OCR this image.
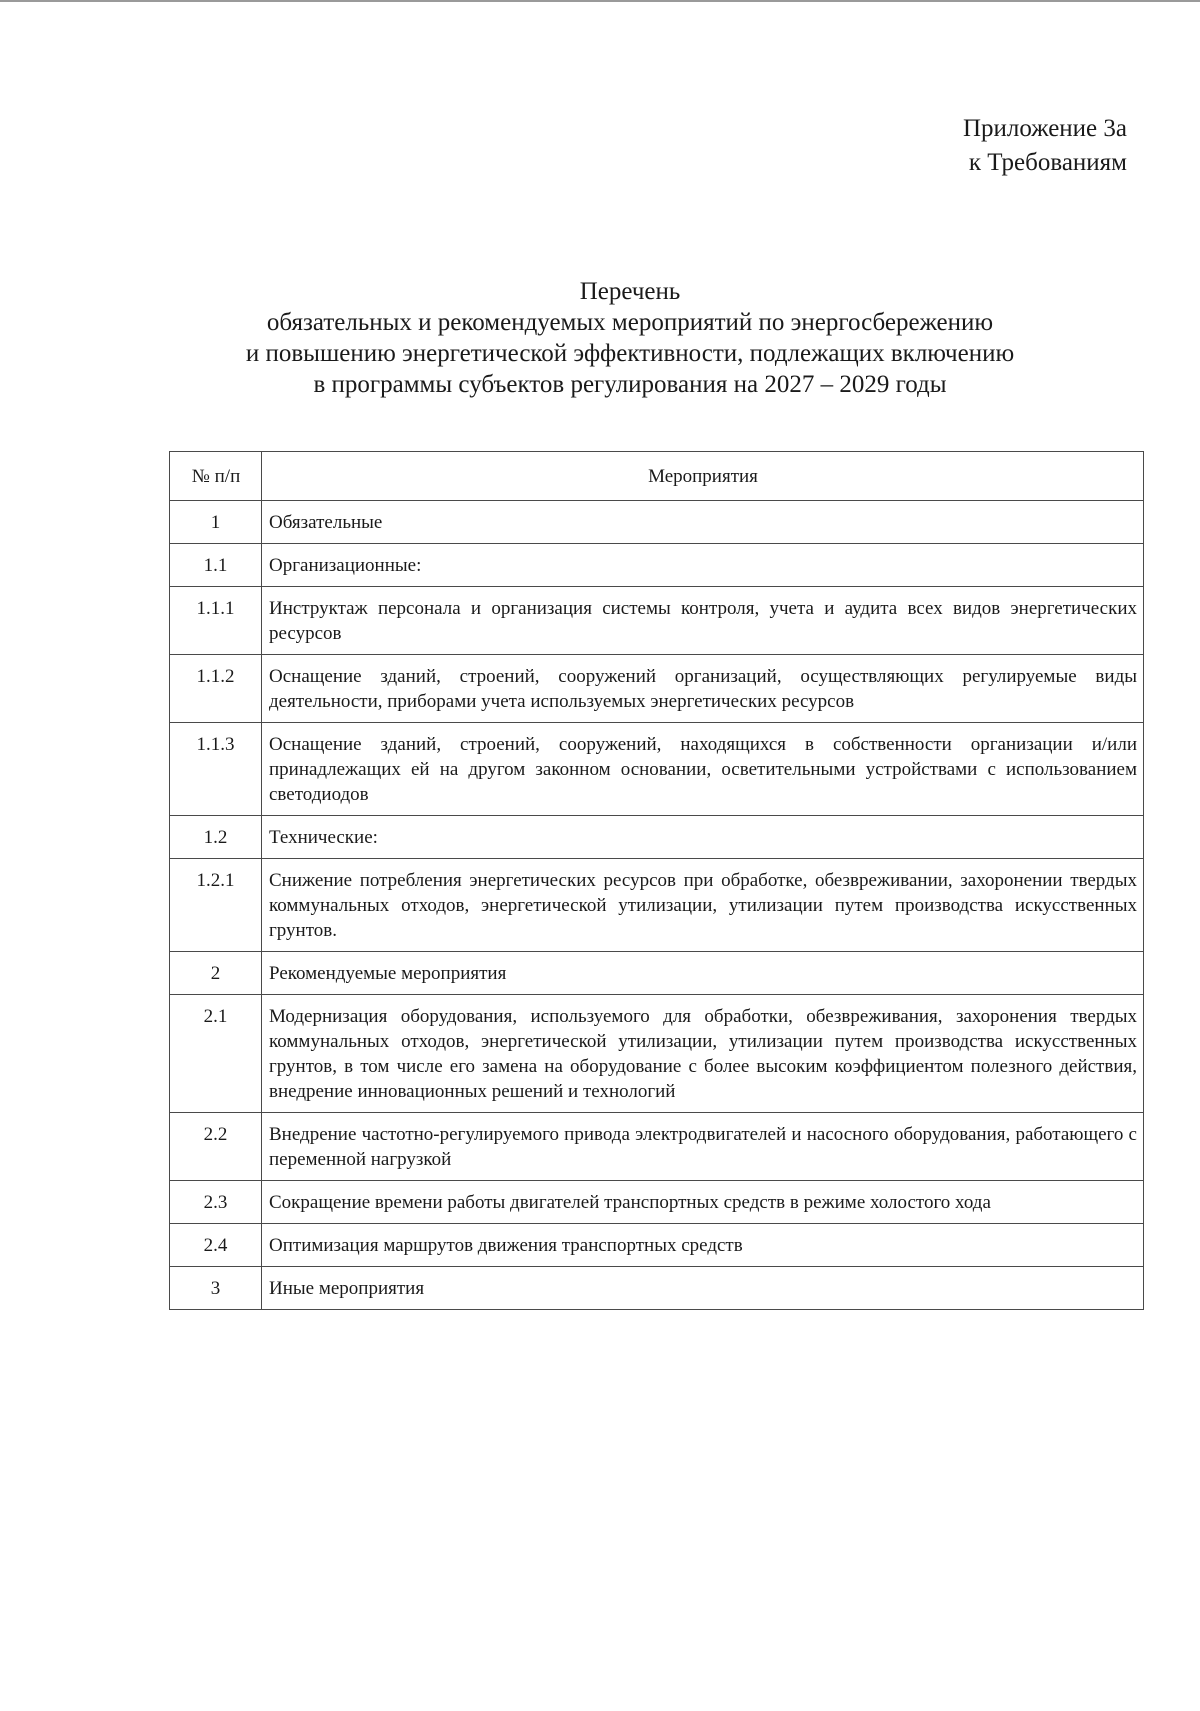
Приложение 3а
к Требованиям
Перечень
обязательных и рекомендуемых мероприятий по энергосбережению
и повышению энергетической эффективности, подлежащих включению
в программы субъектов регулирования на 2027 – 2029 годы
№ п/п	Мероприятия
1	Обязательные
1.1	Организационные:
1.1.1	Инструктаж персонала и организация системы контроля, учета и аудита всех видов энергетических ресурсов
1.1.2	Оснащение зданий, строений, сооружений организаций, осуществляющих регулируемые виды деятельности, приборами учета используемых энергетических ресурсов
1.1.3	Оснащение зданий, строений, сооружений, находящихся в собственности организации и/или принадлежащих ей на другом законном основании, осветительными устройствами с использованием светодиодов
1.2	Технические:
1.2.1	Снижение потребления энергетических ресурсов при обработке, обезвреживании, захоронении твердых коммунальных отходов, энергетической утилизации, утилизации путем производства искусственных грунтов.
2	Рекомендуемые мероприятия
2.1	Модернизация оборудования, используемого для обработки, обезвреживания, захоронения твердых коммунальных отходов, энергетической утилизации, утилизации путем производства искусственных грунтов, в том числе его замена на оборудование с более высоким коэффициентом полезного действия, внедрение инновационных решений и технологий
2.2	Внедрение частотно-регулируемого привода электродвигателей и насосного оборудования, работающего с переменной нагрузкой
2.3	Сокращение времени работы двигателей транспортных средств в режиме холостого хода
2.4	Оптимизация маршрутов движения транспортных средств
3	Иные мероприятия
